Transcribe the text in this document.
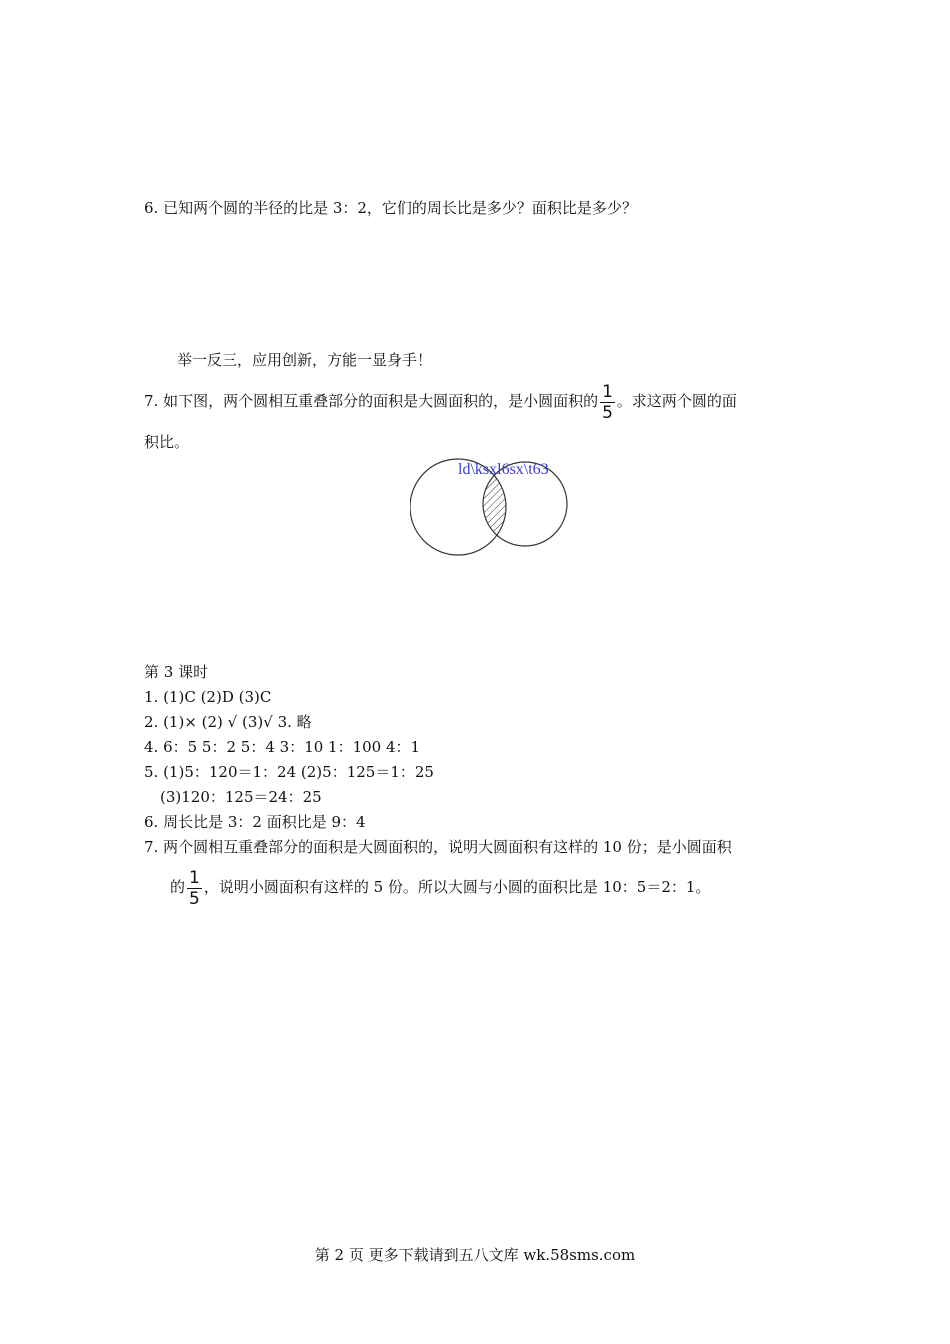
6. 已知两个圆的半径的比是 3：2，它们的周长比是多少？面积比是多少？
举一反三，应用创新，方能一显身手！
7. 如下图，两个圆相互重叠部分的面积是大圆面积的，是小圆面积的 $\frac{1}{5}$ 。求这两个圆的面
积比。
ld\ksxl6sx\t63
第 3 课时
1. (1)C (2)D (3)C
2. (1)× (2) √ (3)√ 3. 略
4. 6：5 5：2 5：4 3：10 1：100 4：1
5. (1)5：120＝1：24 (2)5：125＝1：25
(3)120：125＝24：25
6. 周长比是 3：2 面积比是 9：4
7. 两个圆相互重叠部分的面积是大圆面积的，说明大圆面积有这样的 10 份；是小圆面积
的 $\frac{1}{5}$ ，说明小圆面积有这样的 5 份。所以大圆与小圆的面积比是 10：5＝2：1。
第 2 页 更多下载请到五八文库 wk.58sms.com
